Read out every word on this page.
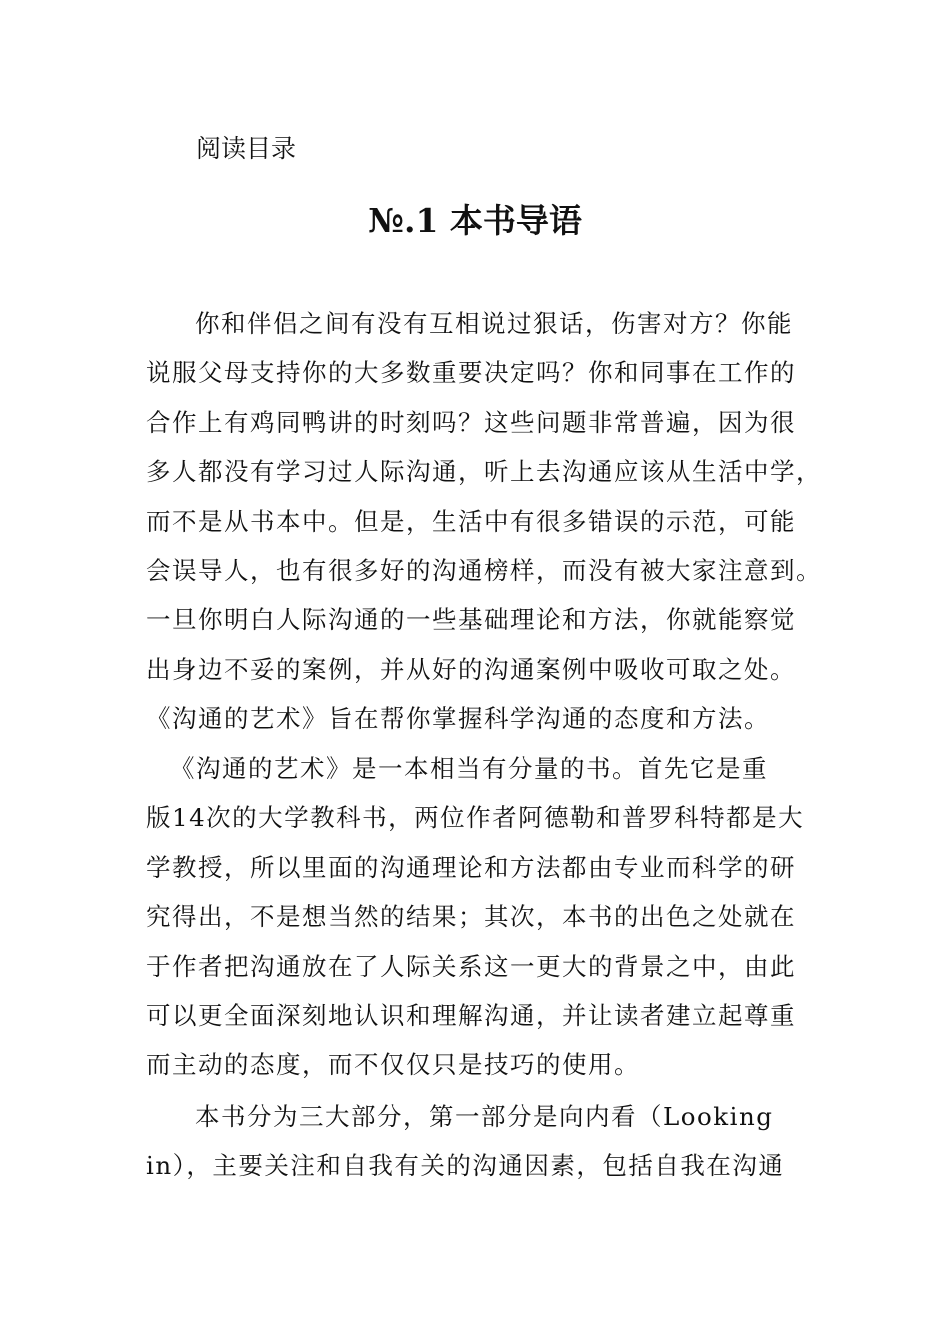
阅读目录
№.1 本书导语
你和伴侣之间有没有互相说过狠话，伤害对方？你能
说服父母支持你的大多数重要决定吗？你和同事在工作的
合作上有鸡同鸭讲的时刻吗？这些问题非常普遍，因为很
多人都没有学习过人际沟通，听上去沟通应该从生活中学，
而不是从书本中。但是，生活中有很多错误的示范，可能
会误导人，也有很多好的沟通榜样，而没有被大家注意到。
一旦你明白人际沟通的一些基础理论和方法，你就能察觉
出身边不妥的案例，并从好的沟通案例中吸收可取之处。
《沟通的艺术》旨在帮你掌握科学沟通的态度和方法。
《沟通的艺术》是一本相当有分量的书。首先它是重
版14次的大学教科书，两位作者阿德勒和普罗科特都是大
学教授，所以里面的沟通理论和方法都由专业而科学的研
究得出，不是想当然的结果；其次，本书的出色之处就在
于作者把沟通放在了人际关系这一更大的背景之中，由此
可以更全面深刻地认识和理解沟通，并让读者建立起尊重
而主动的态度，而不仅仅只是技巧的使用。
本书分为三大部分，第一部分是向内看（Looking
in），主要关注和自我有关的沟通因素，包括自我在沟通
